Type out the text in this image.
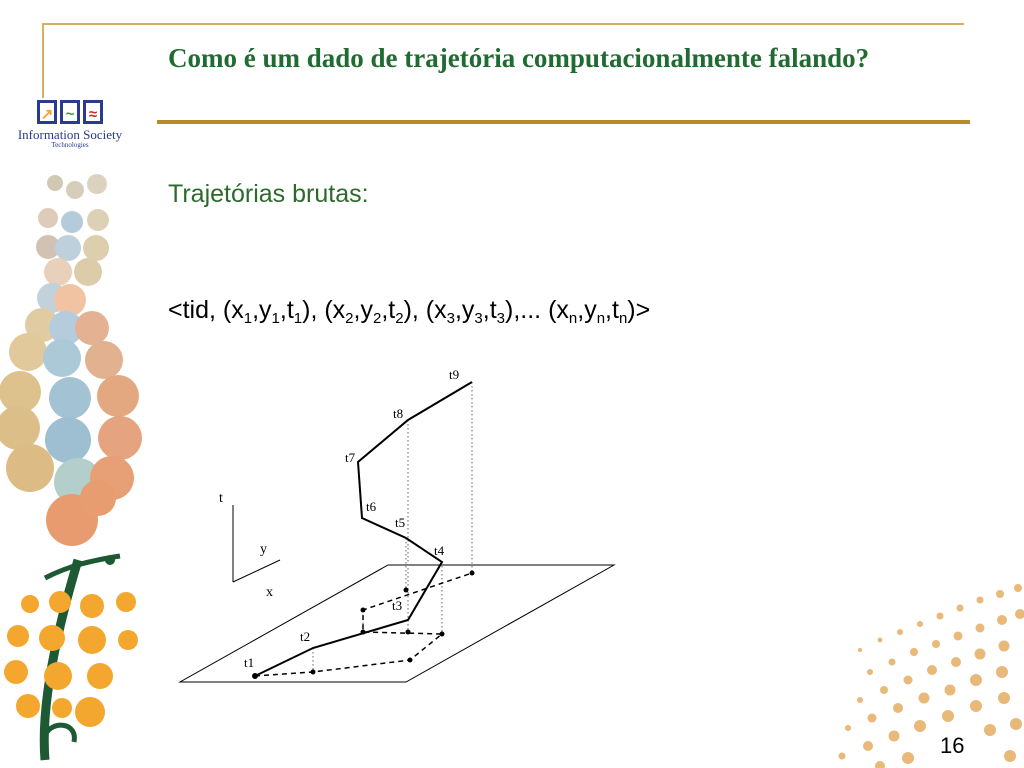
↗ ~ ≈
Information Society
Technologies
Como é um dado de trajetória computacionalmente falando?
Trajetórias brutas:
<tid, $(x_1,y_1,t_1)$, $(x_2,y_2,t_2)$, $(x_3,y_3,t_3)$,... $(x_n,y_n,t_n)>$
t
y
x
t1
t2
t3
t4
t5
t6
t7
t8
t9
16
